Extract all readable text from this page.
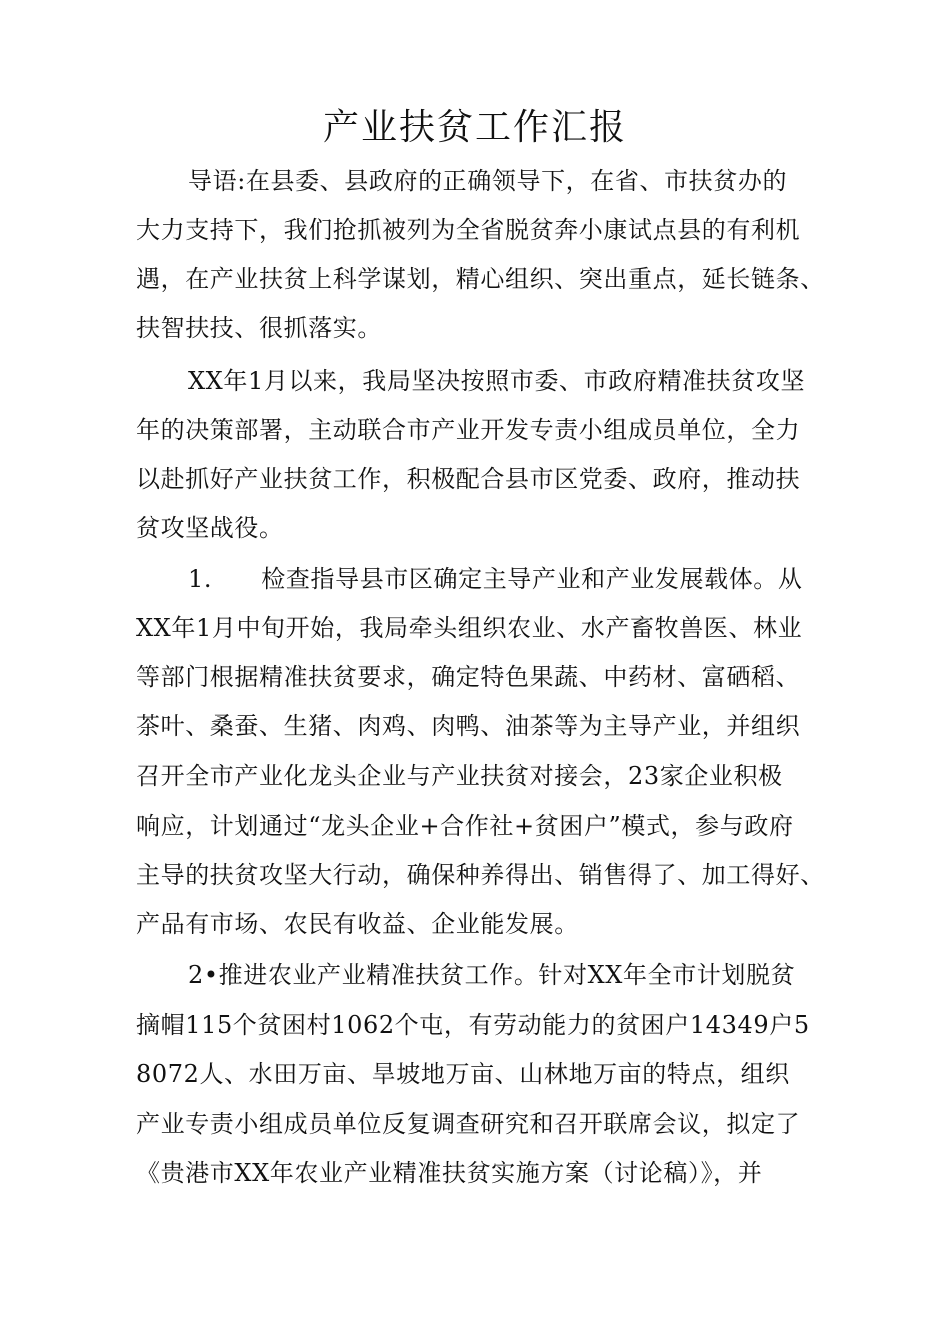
产业扶贫工作汇报
导语:在县委、县政府的正确领导下，在省、市扶贫办的
大力支持下，我们抢抓被列为全省脱贫奔小康试点县的有利机
遇，在产业扶贫上科学谋划，精心组织、突出重点，延长链条、
扶智扶技、很抓落实。
XX年1月以来，我局坚决按照市委、市政府精准扶贫攻坚
年的决策部署，主动联合市产业开发专责小组成员单位，全力
以赴抓好产业扶贫工作，积极配合县市区党委、政府，推动扶
贫攻坚战役。
1.　　检查指导县市区确定主导产业和产业发展载体。从
XX年1月中旬开始，我局牵头组织农业、水产畜牧兽医、林业
等部门根据精准扶贫要求，确定特色果蔬、中药材、富硒稻、
茶叶、桑蚕、生猪、肉鸡、肉鸭、油茶等为主导产业，并组织
召开全市产业化龙头企业与产业扶贫对接会，23家企业积极
响应，计划通过“龙头企业+合作社+贫困户”模式，参与政府
主导的扶贫攻坚大行动，确保种养得出、销售得了、加工得好、
产品有市场、农民有收益、企业能发展。
2•推进农业产业精准扶贫工作。针对XX年全市计划脱贫
摘帽115个贫困村1062个屯，有劳动能力的贫困户14349户5
8072人、水田万亩、旱坡地万亩、山林地万亩的特点，组织
产业专责小组成员单位反复调查研究和召开联席会议，拟定了
《贵港市XX年农业产业精准扶贫实施方案（讨论稿）》，并
